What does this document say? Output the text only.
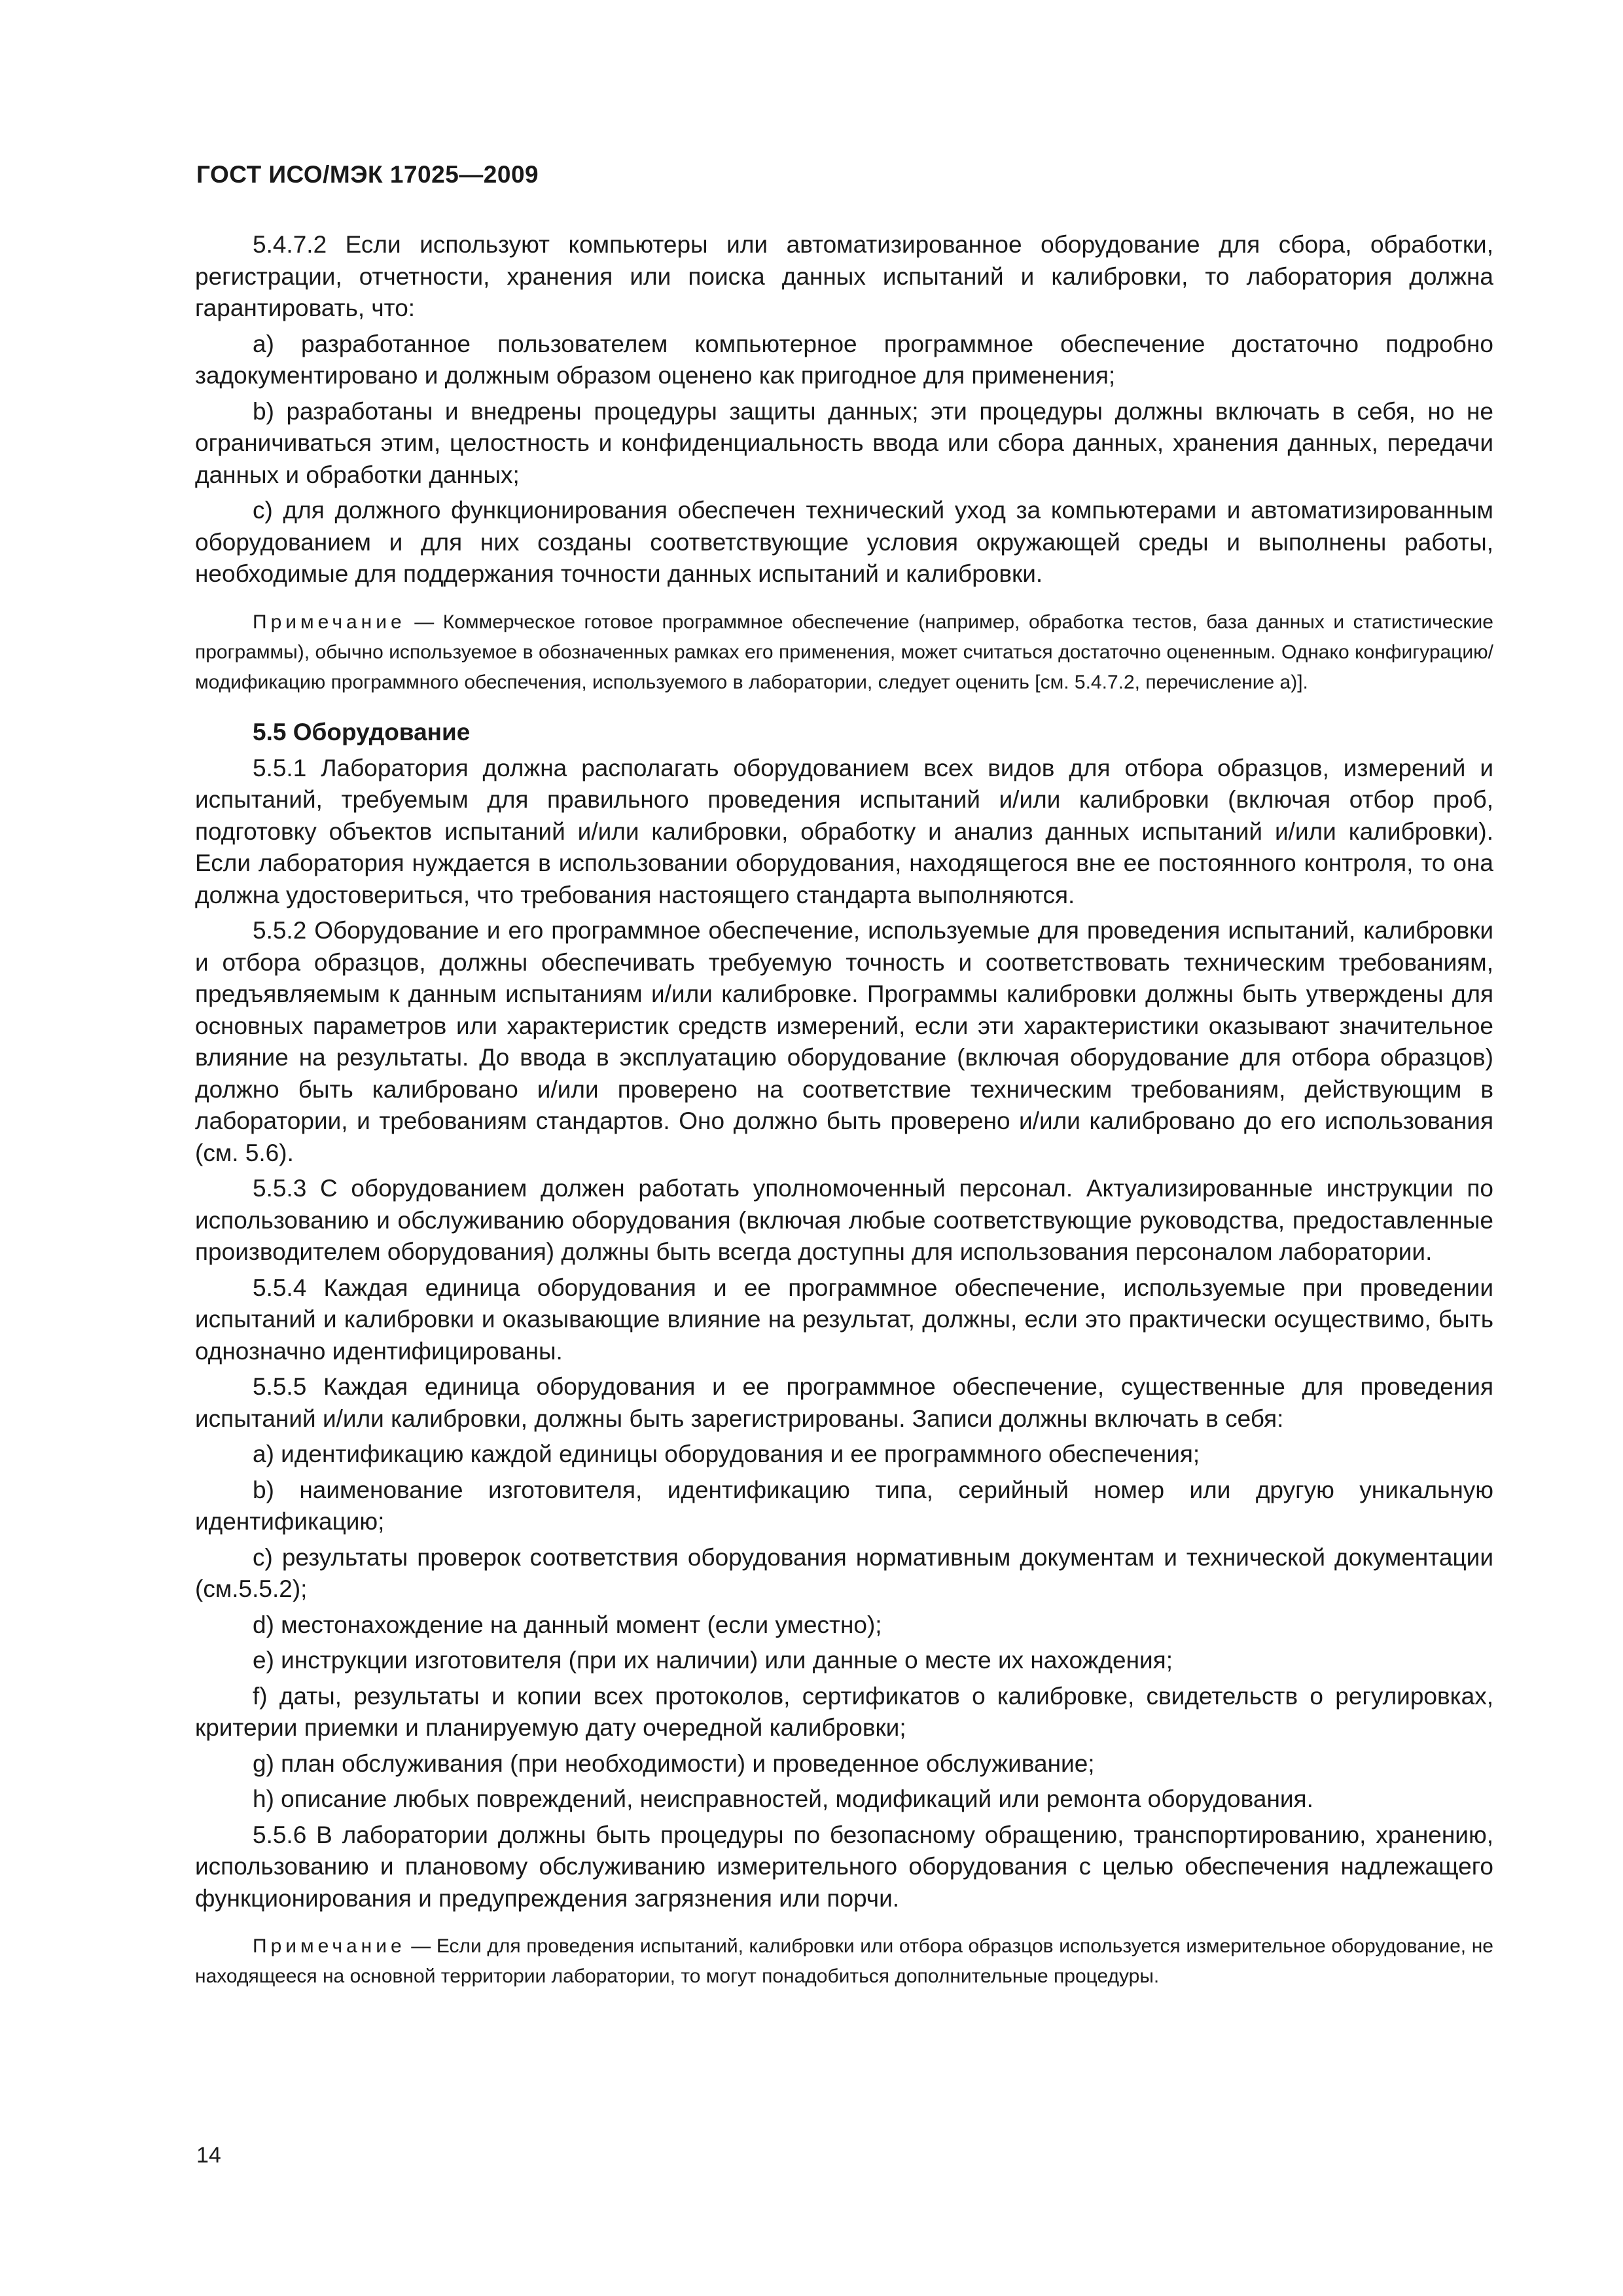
ГОСТ ИСО/МЭК 17025—2009

5.4.7.2 Если используют компьютеры или автоматизированное оборудование для сбора, обработки, регистрации, отчетности, хранения или поиска данных испытаний и калибровки, то лаборатория должна гарантировать, что:

a) разработанное пользователем компьютерное программное обеспечение достаточно подробно задокументировано и должным образом оценено как пригодное для применения;

b) разработаны и внедрены процедуры защиты данных; эти процедуры должны включать в себя, но не ограничиваться этим, целостность и конфиденциальность ввода или сбора данных, хранения данных, передачи данных и обработки данных;

c) для должного функционирования обеспечен технический уход за компьютерами и автоматизированным оборудованием и для них созданы соответствующие условия окружающей среды и выполнены работы, необходимые для поддержания точности данных испытаний и калибровки.

Примечание — Коммерческое готовое программное обеспечение (например, обработка тестов, база данных и статистические программы), обычно используемое в обозначенных рамках его применения, может считаться достаточно оцененным. Однако конфигурацию/модификацию программного обеспечения, используемого в лаборатории, следует оценить [см. 5.4.7.2, перечисление а)].

5.5 Оборудование

5.5.1 Лаборатория должна располагать оборудованием всех видов для отбора образцов, измерений и испытаний, требуемым для правильного проведения испытаний и/или калибровки (включая отбор проб, подготовку объектов испытаний и/или калибровки, обработку и анализ данных испытаний и/или калибровки). Если лаборатория нуждается в использовании оборудования, находящегося вне ее постоянного контроля, то она должна удостовериться, что требования настоящего стандарта выполняются.

5.5.2 Оборудование и его программное обеспечение, используемые для проведения испытаний, калибровки и отбора образцов, должны обеспечивать требуемую точность и соответствовать техническим требованиям, предъявляемым к данным испытаниям и/или калибровке. Программы калибровки должны быть утверждены для основных параметров или характеристик средств измерений, если эти характеристики оказывают значительное влияние на результаты. До ввода в эксплуатацию оборудование (включая оборудование для отбора образцов) должно быть калибровано и/или проверено на соответствие техническим требованиям, действующим в лаборатории, и требованиям стандартов. Оно должно быть проверено и/или калибровано до его использования (см. 5.6).

5.5.3 С оборудованием должен работать уполномоченный персонал. Актуализированные инструкции по использованию и обслуживанию оборудования (включая любые соответствующие руководства, предоставленные производителем оборудования) должны быть всегда доступны для использования персоналом лаборатории.

5.5.4 Каждая единица оборудования и ее программное обеспечение, используемые при проведении испытаний и калибровки и оказывающие влияние на результат, должны, если это практически осуществимо, быть однозначно идентифицированы.

5.5.5 Каждая единица оборудования и ее программное обеспечение, существенные для проведения испытаний и/или калибровки, должны быть зарегистрированы. Записи должны включать в себя:

a) идентификацию каждой единицы оборудования и ее программного обеспечения;

b) наименование изготовителя, идентификацию типа, серийный номер или другую уникальную идентификацию;

c) результаты проверок соответствия оборудования нормативным документам и технической документации (см.5.5.2);

d) местонахождение на данный момент (если уместно);

e) инструкции изготовителя (при их наличии) или данные о месте их нахождения;

f) даты, результаты и копии всех протоколов, сертификатов о калибровке, свидетельств о регулировках, критерии приемки и планируемую дату очередной калибровки;

g) план обслуживания (при необходимости) и проведенное обслуживание;

h) описание любых повреждений, неисправностей, модификаций или ремонта оборудования.

5.5.6 В лаборатории должны быть процедуры по безопасному обращению, транспортированию, хранению, использованию и плановому обслуживанию измерительного оборудования с целью обеспечения надлежащего функционирования и предупреждения загрязнения или порчи.

Примечание — Если для проведения испытаний, калибровки или отбора образцов используется измерительное оборудование, не находящееся на основной территории лаборатории, то могут понадобиться дополнительные процедуры.

14
